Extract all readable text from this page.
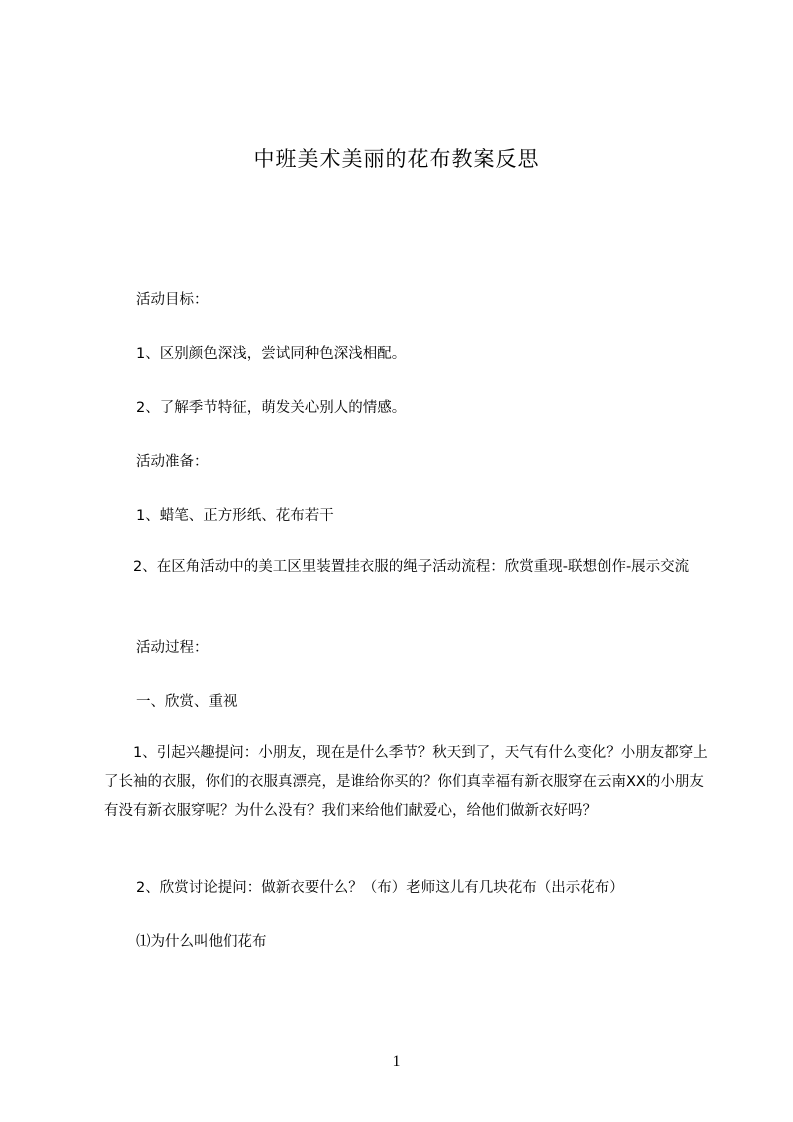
中班美术美丽的花布教案反思
活动目标：
1、区别颜色深浅，尝试同种色深浅相配。
2、了解季节特征，萌发关心别人的情感。
活动准备：
1、蜡笔、正方形纸、花布若干
　　2、在区角活动中的美工区里装置挂衣服的绳子活动流程：欣赏重现-联想创作-展示交流
活动过程：
一、欣赏、重视
　　1、引起兴趣提问：小朋友，现在是什么季节？秋天到了，天气有什么变化？小朋友都穿上了长袖的衣服，你们的衣服真漂亮，是谁给你买的？你们真幸福有新衣服穿在云南XX的小朋友有没有新衣服穿呢？为什么没有？我们来给他们献爱心，给他们做新衣好吗？
2、欣赏讨论提问：做新衣要什么？（布）老师这儿有几块花布（出示花布）
⑴为什么叫他们花布
1
